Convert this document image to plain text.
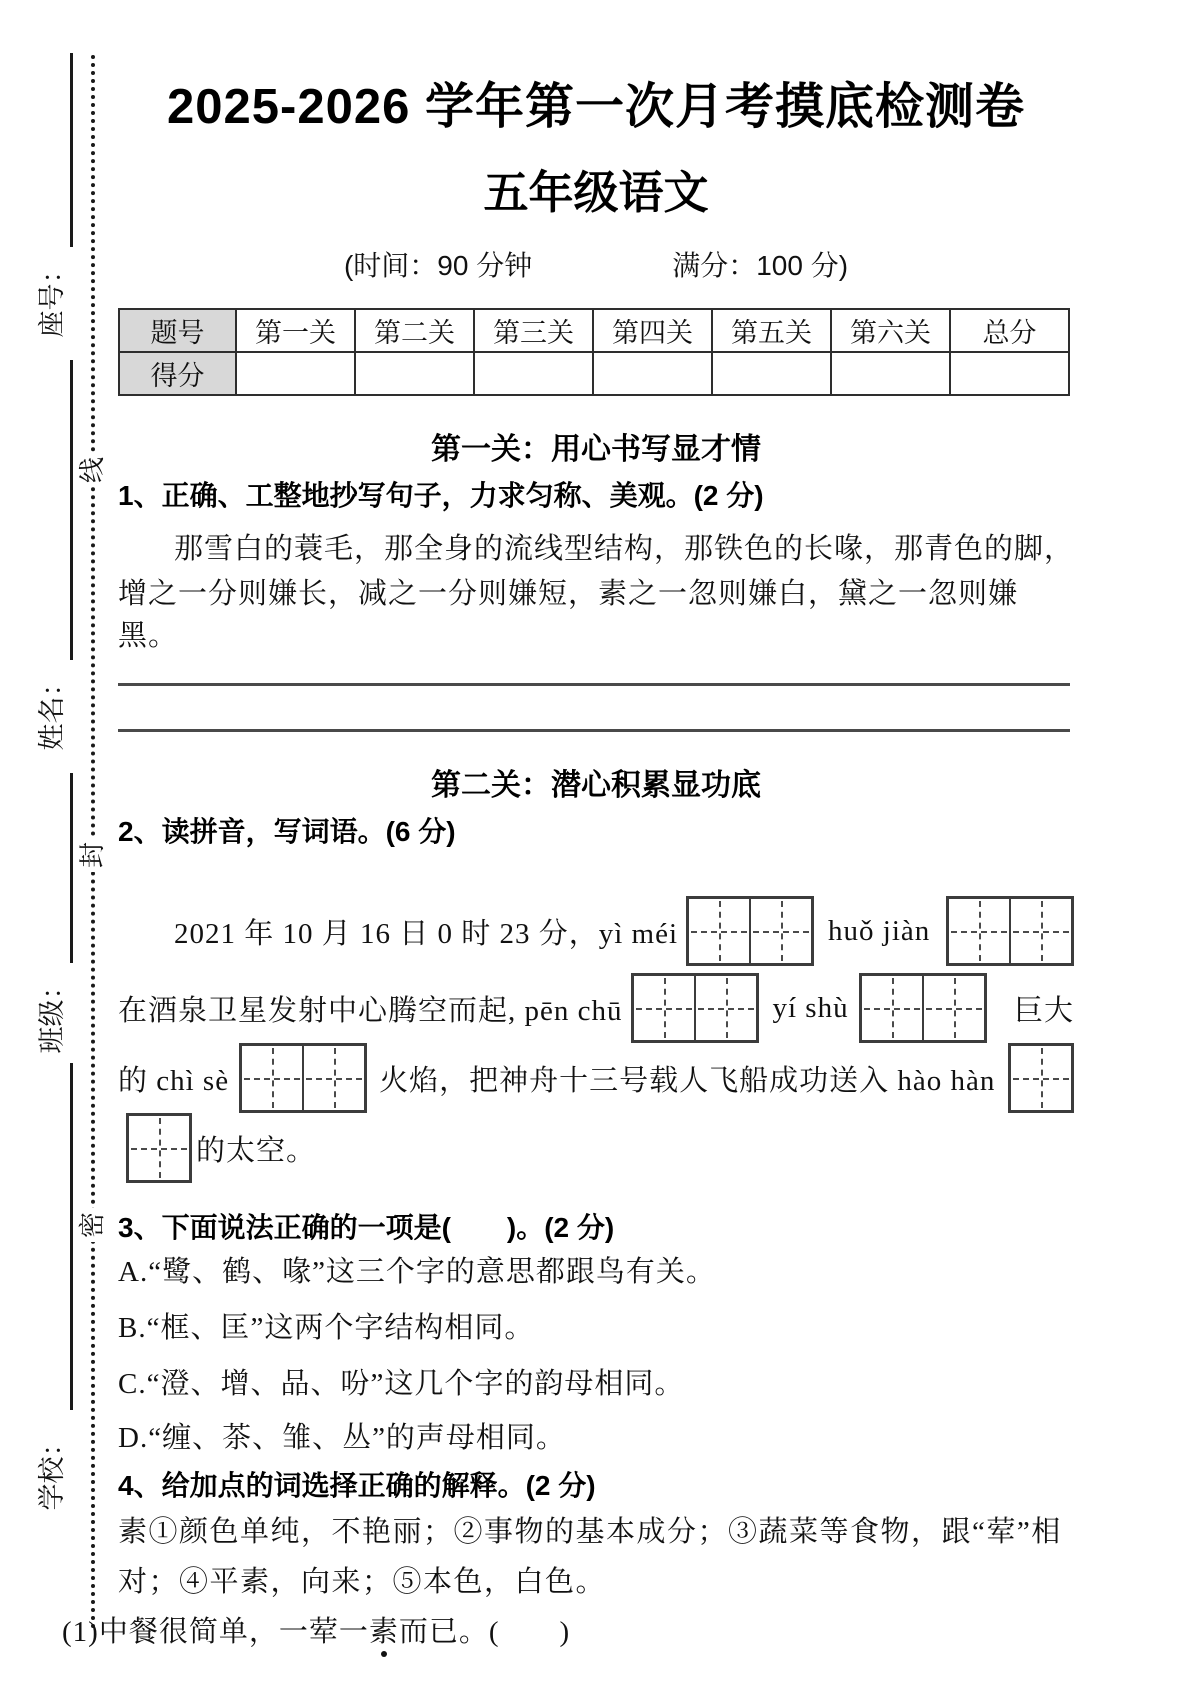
座号：
姓名：
班级：
学校：
线
封
密
2025-2026 学年第一次月考摸底检测卷
五年级语文
(时间：90 分钟　　　　　满分：100 分)
题号	第一关	第二关	第三关	第四关	第五关	第六关	总分
得分							
第一关：用心书写显才情
1、正确、工整地抄写句子，力求匀称、美观。(2 分)
那雪白的蓑毛，那全身的流线型结构，那铁色的长喙，那青色的脚，
增之一分则嫌长，减之一分则嫌短，素之一忽则嫌白，黛之一忽则嫌黑。
第二关：潜心积累显功底
2、读拼音，写词语。(6 分)
2021 年 10 月 16 日 0 时 23 分，yì méi	huǒ jiàn
在酒泉卫星发射中心腾空而起, pēn chū	yí shù	巨大
的 chì sè	火焰，把神舟十三号载人飞船成功送入 hào hàn
的太空。
3、下面说法正确的一项是(　　)。(2 分)
A.“鹭、鹤、喙”这三个字的意思都跟鸟有关。
B.“框、匡”这两个字结构相同。
C.“澄、增、品、吩”这几个字的韵母相同。
D.“缠、茶、雏、丛”的声母相同。
4、给加点的词选择正确的解释。(2 分)
素①颜色单纯，不艳丽；②事物的基本成分；③蔬菜等食物，跟“荤”相
对；④平素，向来；⑤本色，白色。
(1)中餐很简单，一荤一素而已。(　　)
